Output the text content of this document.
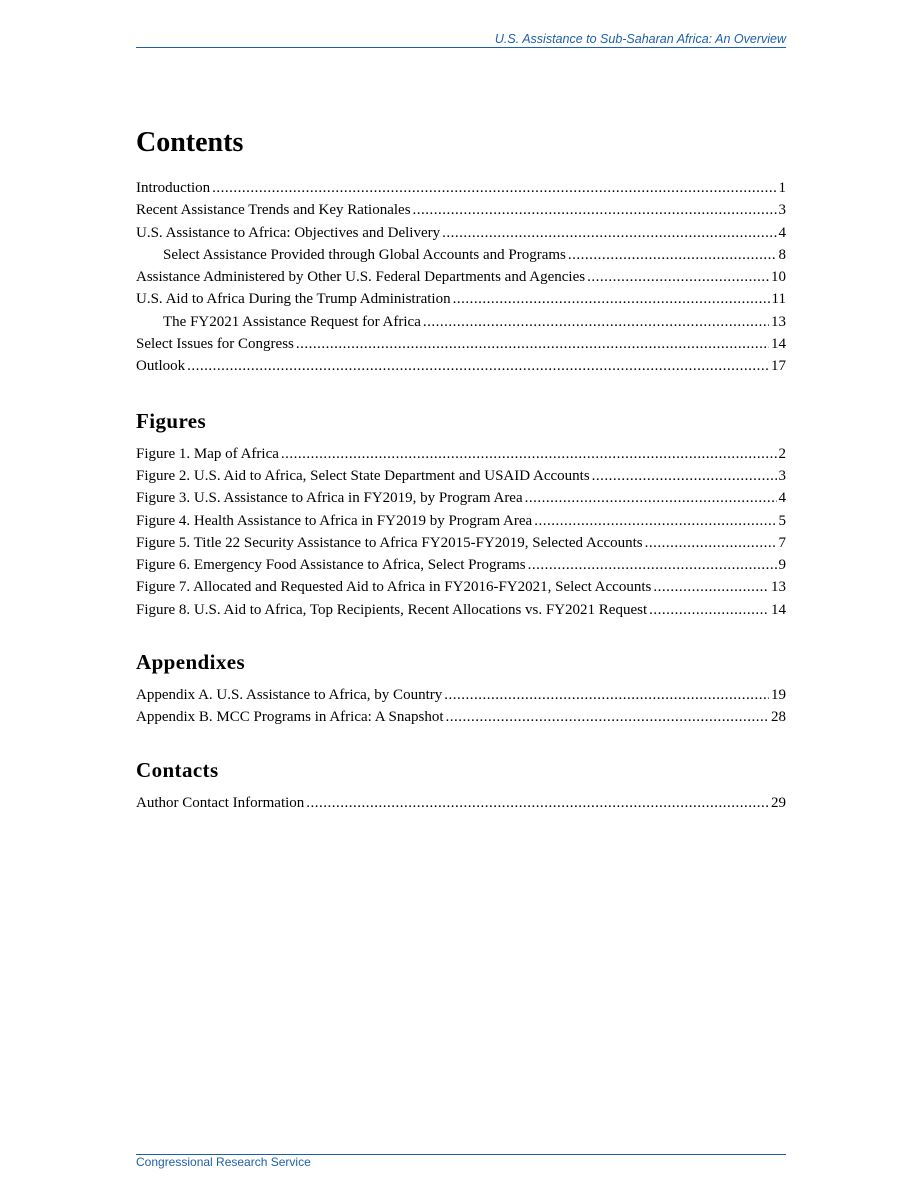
U.S. Assistance to Sub-Saharan Africa: An Overview
Contents
Introduction .....	1
Recent Assistance Trends and Key Rationales .....	3
U.S. Assistance to Africa: Objectives and Delivery .....	4
Select Assistance Provided through Global Accounts and Programs .....	8
Assistance Administered by Other U.S. Federal Departments and Agencies .....	10
U.S. Aid to Africa During the Trump Administration .....	11
The FY2021 Assistance Request for Africa .....	13
Select Issues for Congress .....	14
Outlook .....	17
Figures
Figure 1. Map of Africa .....	2
Figure 2. U.S. Aid to Africa, Select State Department and USAID Accounts .....	3
Figure 3. U.S. Assistance to Africa in FY2019, by Program Area .....	4
Figure 4. Health Assistance to Africa in FY2019 by Program Area .....	5
Figure 5. Title 22 Security Assistance to Africa FY2015-FY2019, Selected Accounts .....	7
Figure 6. Emergency Food Assistance to Africa, Select Programs .....	9
Figure 7. Allocated and Requested Aid to Africa in FY2016-FY2021, Select Accounts .....	13
Figure 8. U.S. Aid to Africa, Top Recipients, Recent Allocations vs. FY2021 Request .....	14
Appendixes
Appendix A. U.S. Assistance to Africa, by Country .....	19
Appendix B. MCC Programs in Africa: A Snapshot .....	28
Contacts
Author Contact Information .....	29
Congressional Research Service
